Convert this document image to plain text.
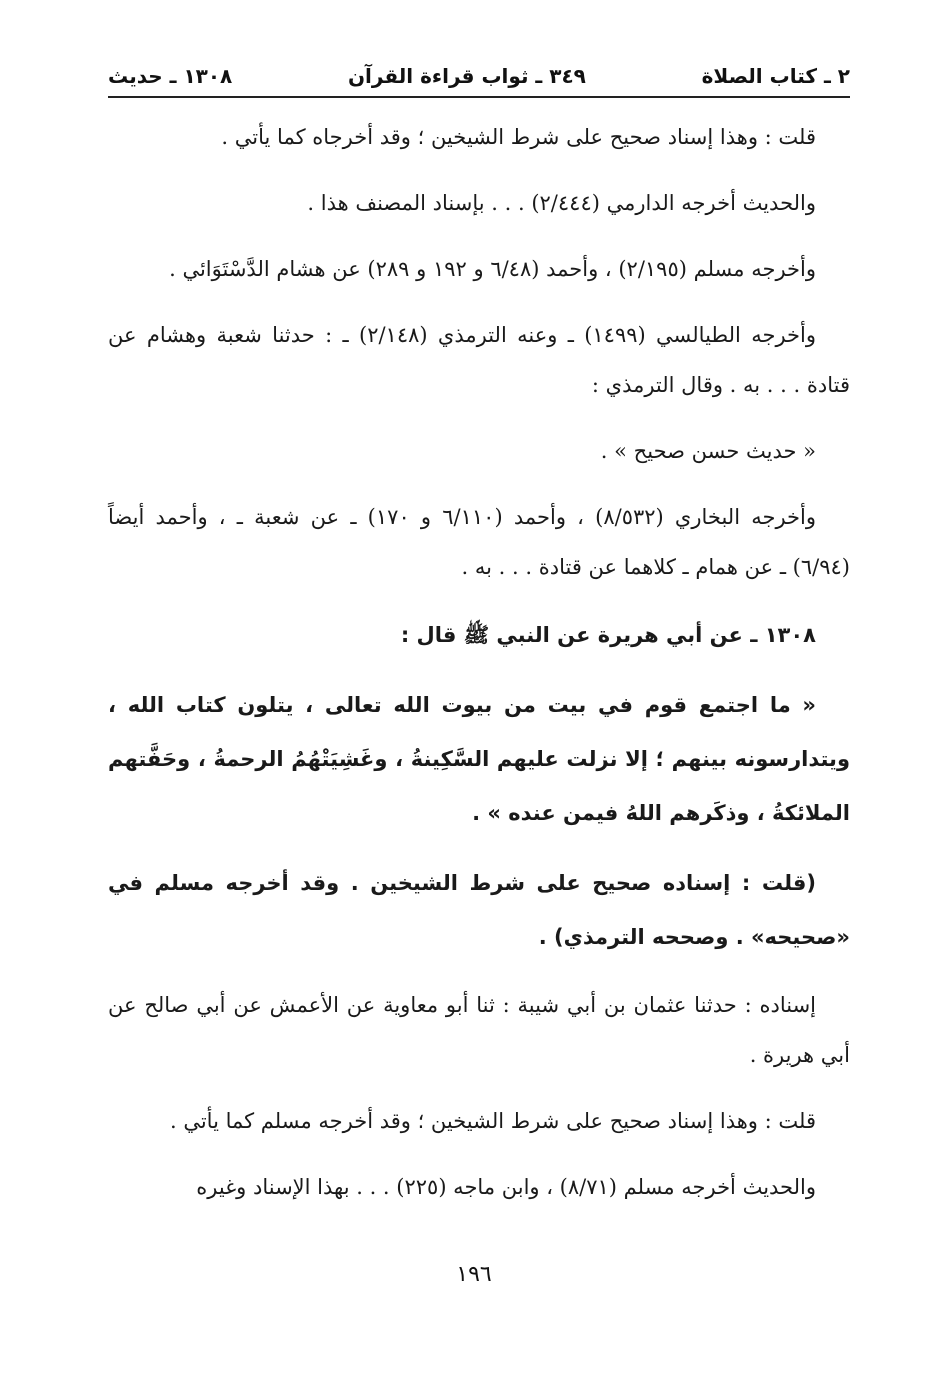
٢ ـ كتاب الصلاة
٣٤٩ ـ ثواب قراءة القرآن
١٣٠٨ ـ حديث

قلت : وهذا إسناد صحيح على شرط الشيخين ؛ وقد أخرجاه كما يأتي .

والحديث أخرجه الدارمي (٢/٤٤٤) . . . بإسناد المصنف هذا .

وأخرجه مسلم (٢/١٩٥) ، وأحمد (٦/٤٨ و ١٩٢ و ٢٨٩) عن هشام الدَّسْتَوَائي .

وأخرجه الطيالسي (١٤٩٩) ـ وعنه الترمذي (٢/١٤٨) ـ : حدثنا شعبة وهشام عن قتادة . . . به . وقال الترمذي :

« حديث حسن صحيح » .

وأخرجه البخاري (٨/٥٣٢) ، وأحمد (٦/١١٠ و ١٧٠) ـ عن شعبة ـ ، وأحمد أيضاً (٦/٩٤) ـ عن همام ـ كلاهما عن قتادة . . . به .

١٣٠٨ ـ عن أبي هريرة عن النبي ﷺ قال :

« ما اجتمع قوم في بيت من بيوت الله تعالى ، يتلون كتاب الله ، ويتدارسونه بينهم ؛ إلا نزلت عليهم السَّكِينةُ ، وغَشِيَتْهُمُ الرحمةُ ، وحَفَّتهم الملائكةُ ، وذكَرهم اللهُ فيمن عنده » .

(قلت : إسناده صحيح على شرط الشيخين . وقد أخرجه مسلم في «صحيحه» . وصححه الترمذي) .

إسناده : حدثنا عثمان بن أبي شيبة : ثنا أبو معاوية عن الأعمش عن أبي صالح عن أبي هريرة .

قلت : وهذا إسناد صحيح على شرط الشيخين ؛ وقد أخرجه مسلم كما يأتي .

والحديث أخرجه مسلم (٨/٧١) ، وابن ماجه (٢٢٥) . . . بهذا الإسناد وغيره

١٩٦
